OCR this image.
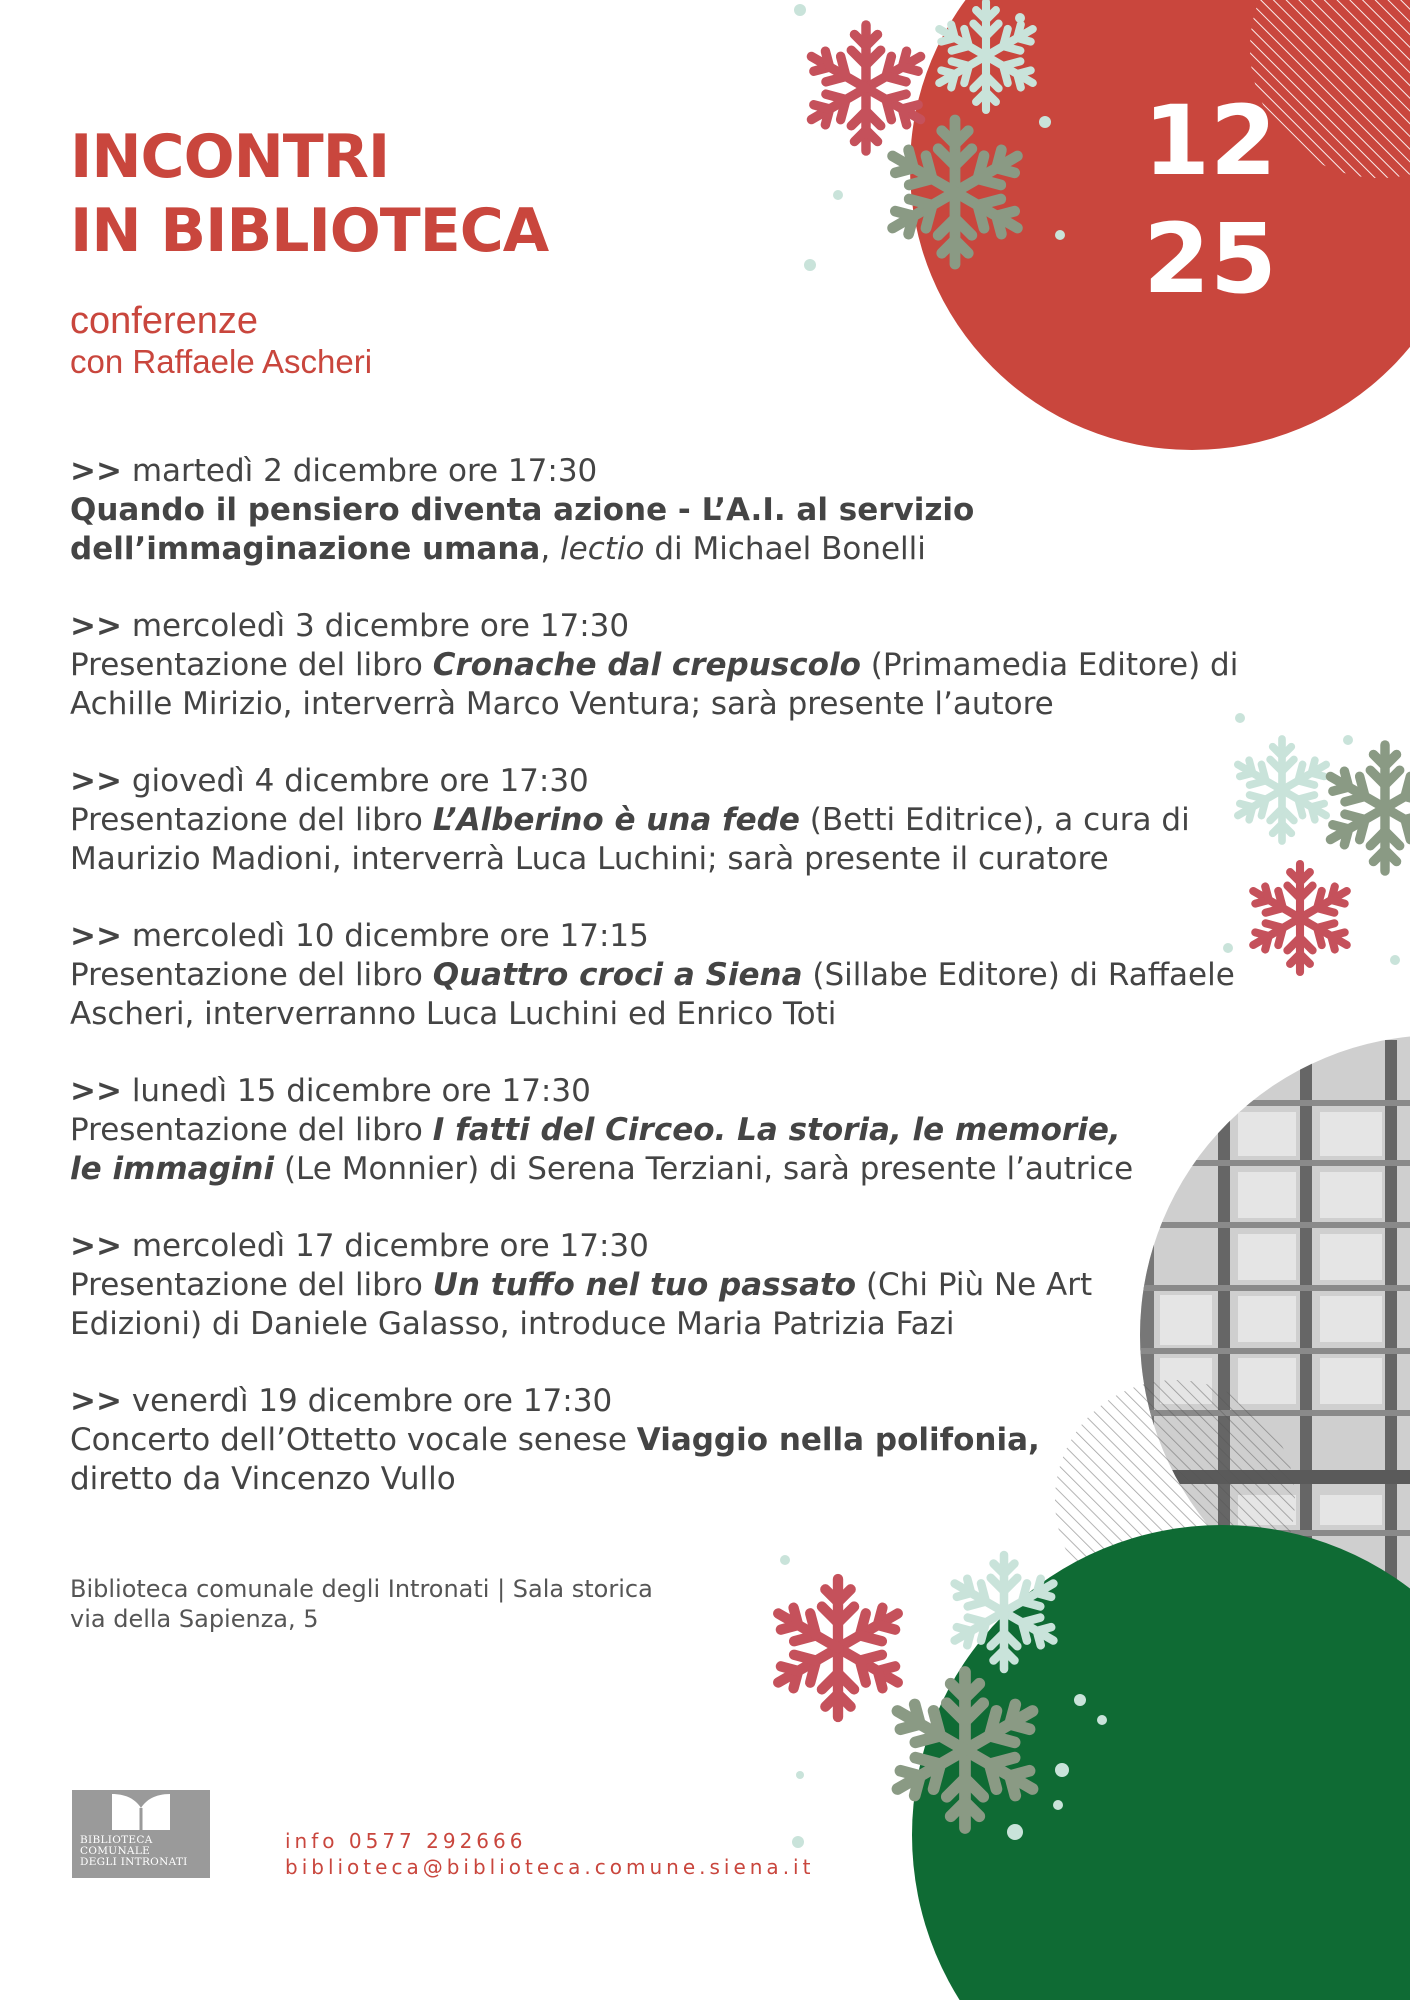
INCONTRI
IN BIBLIOTECA
conferenze
con Raffaele Ascheri
12
25

>> martedì 2 dicembre ore 17:30
Quando il pensiero diventa azione - L’A.I. al servizio dell’immaginazione umana, lectio di Michael Bonelli

>> mercoledì 3 dicembre ore 17:30
Presentazione del libro Cronache dal crepuscolo (Primamedia Editore) di Achille Mirizio, interverrà Marco Ventura; sarà presente l’autore

>> giovedì 4 dicembre ore 17:30
Presentazione del libro L’Alberino è una fede (Betti Editrice), a cura di Maurizio Madioni, interverrà Luca Luchini; sarà presente il curatore

>> mercoledì 10 dicembre ore 17:15
Presentazione del libro Quattro croci a Siena (Sillabe Editore) di Raffaele Ascheri, interverranno Luca Luchini ed Enrico Toti

>> lunedì 15 dicembre ore 17:30
Presentazione del libro I fatti del Circeo. La storia, le memorie, le immagini (Le Monnier) di Serena Terziani, sarà presente l’autrice

>> mercoledì 17 dicembre ore 17:30
Presentazione del libro Un tuffo nel tuo passato (Chi Più Ne Art Edizioni) di Daniele Galasso, introduce Maria Patrizia Fazi

>> venerdì 19 dicembre ore 17:30
Concerto dell’Ottetto vocale senese Viaggio nella polifonia, diretto da Vincenzo Vullo

Biblioteca comunale degli Intronati | Sala storica
via della Sapienza, 5
BIBLIOTECA
COMUNALE
DEGLI INTRONATI
info 0577 292666
biblioteca@biblioteca.comune.siena.it
